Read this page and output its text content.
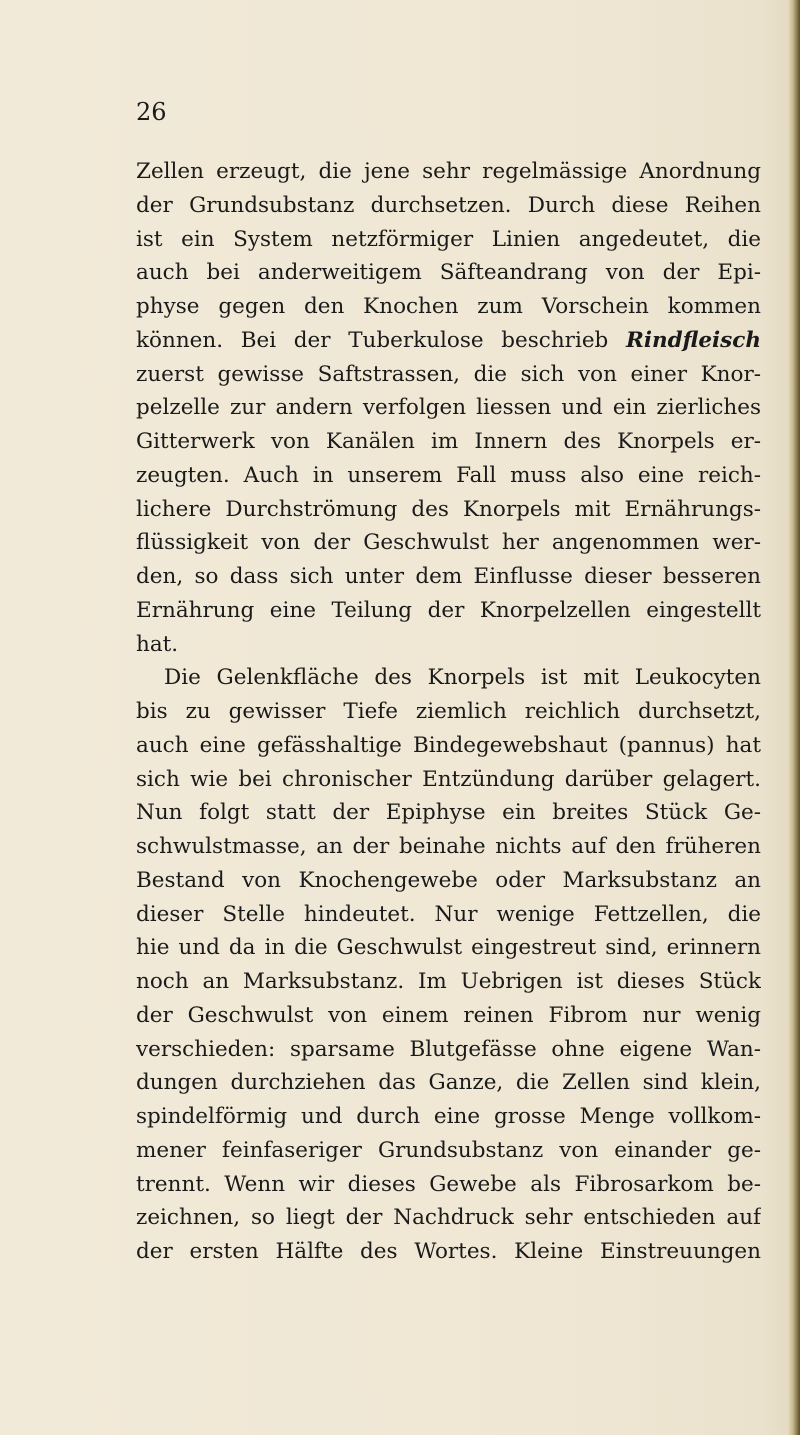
26
Zellen erzeugt, die jene sehr regelmässige Anordnung
der Grundsubstanz durchsetzen. Durch diese Reihen
ist ein System netzförmiger Linien angedeutet, die
auch bei anderweitigem Säfteandrang von der Epi-
physe gegen den Knochen zum Vorschein kommen
können. Bei der Tuberkulose beschrieb Rindfleisch
zuerst gewisse Saftstrassen, die sich von einer Knor-
pelzelle zur andern verfolgen liessen und ein zierliches
Gitterwerk von Kanälen im Innern des Knorpels er-
zeugten. Auch in unserem Fall muss also eine reich-
lichere Durchströmung des Knorpels mit Ernährungs-
flüssigkeit von der Geschwulst her angenommen wer-
den, so dass sich unter dem Einflusse dieser besseren
Ernährung eine Teilung der Knorpelzellen eingestellt
hat.
Die Gelenkfläche des Knorpels ist mit Leukocyten
bis zu gewisser Tiefe ziemlich reichlich durchsetzt,
auch eine gefässhaltige Bindegewebshaut (pannus) hat
sich wie bei chronischer Entzündung darüber gelagert.
Nun folgt statt der Epiphyse ein breites Stück Ge-
schwulstmasse, an der beinahe nichts auf den früheren
Bestand von Knochengewebe oder Marksubstanz an
dieser Stelle hindeutet. Nur wenige Fettzellen, die
hie und da in die Geschwulst eingestreut sind, erinnern
noch an Marksubstanz. Im Uebrigen ist dieses Stück
der Geschwulst von einem reinen Fibrom nur wenig
verschieden: sparsame Blutgefässe ohne eigene Wan-
dungen durchziehen das Ganze, die Zellen sind klein,
spindelförmig und durch eine grosse Menge vollkom-
mener feinfaseriger Grundsubstanz von einander ge-
trennt. Wenn wir dieses Gewebe als Fibrosarkom be-
zeichnen, so liegt der Nachdruck sehr entschieden auf
der ersten Hälfte des Wortes. Kleine Einstreuungen
